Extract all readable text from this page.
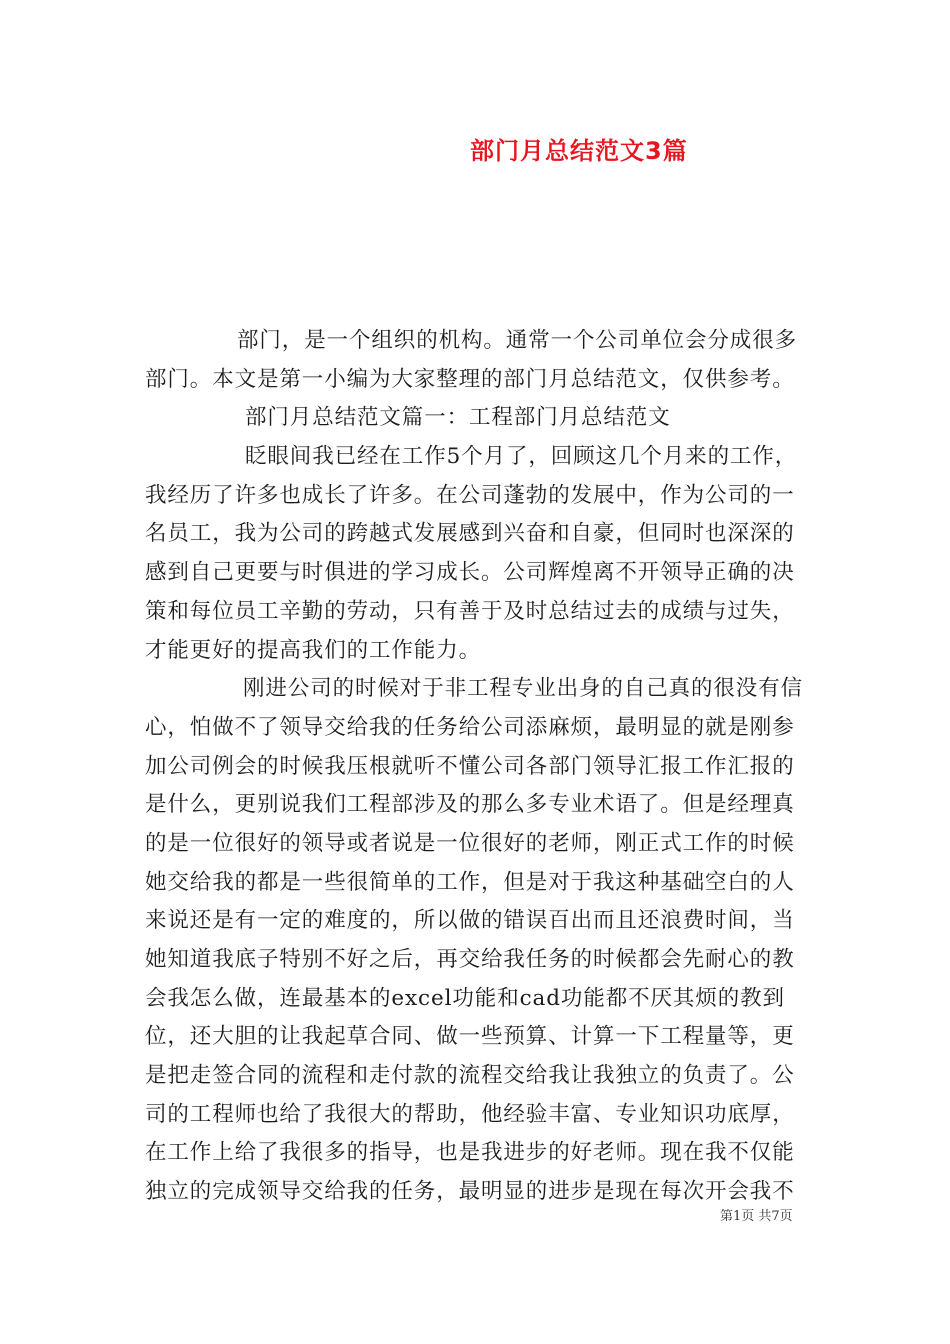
部门月总结范文3篇
部门，是一个组织的机构。通常一个公司单位会分成很多
部门。本文是第一小编为大家整理的部门月总结范文，仅供参考。
部门月总结范文篇一：工程部门月总结范文
眨眼间我已经在工作5个月了，回顾这几个月来的工作，
我经历了许多也成长了许多。在公司蓬勃的发展中，作为公司的一
名员工，我为公司的跨越式发展感到兴奋和自豪，但同时也深深的
感到自己更要与时俱进的学习成长。公司辉煌离不开领导正确的决
策和每位员工辛勤的劳动，只有善于及时总结过去的成绩与过失，
才能更好的提高我们的工作能力。
刚进公司的时候对于非工程专业出身的自己真的很没有信
心，怕做不了领导交给我的任务给公司添麻烦，最明显的就是刚参
加公司例会的时候我压根就听不懂公司各部门领导汇报工作汇报的
是什么，更别说我们工程部涉及的那么多专业术语了。但是经理真
的是一位很好的领导或者说是一位很好的老师，刚正式工作的时候
她交给我的都是一些很简单的工作，但是对于我这种基础空白的人
来说还是有一定的难度的，所以做的错误百出而且还浪费时间，当
她知道我底子特别不好之后，再交给我任务的时候都会先耐心的教
会我怎么做，连最基本的excel功能和cad功能都不厌其烦的教到
位，还大胆的让我起草合同、做一些预算、计算一下工程量等，更
是把走签合同的流程和走付款的流程交给我让我独立的负责了。公
司的工程师也给了我很大的帮助，他经验丰富、专业知识功底厚，
在工作上给了我很多的指导，也是我进步的好老师。现在我不仅能
独立的完成领导交给我的任务，最明显的进步是现在每次开会我不
第1页 共7页
